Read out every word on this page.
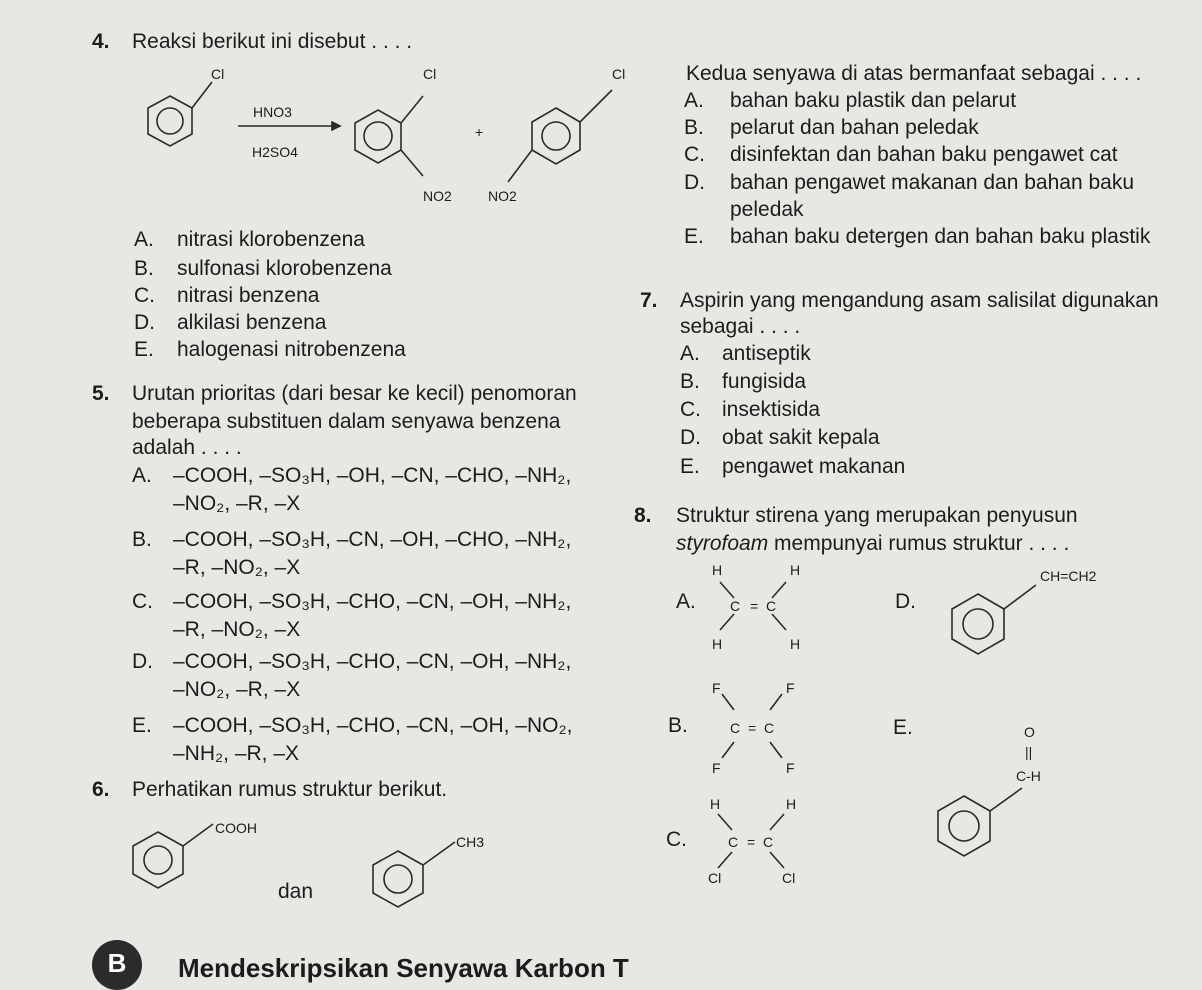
4. Reaksi berikut ini disebut . . . .
Cl
HNO3
H2SO4
Cl
NO2
+
Cl
NO2
A. nitrasi klorobenzena
B. sulfonasi klorobenzena
C. nitrasi benzena
D. alkilasi benzena
E. halogenasi nitrobenzena
5. Urutan prioritas (dari besar ke kecil) penomoran
beberapa substituen dalam senyawa benzena
adalah . . . .
A. –COOH, –SO₃H, –OH, –CN, –CHO, –NH₂,
–NO₂, –R, –X
B. –COOH, –SO₃H, –CN, –OH, –CHO, –NH₂,
–R, –NO₂, –X
C. –COOH, –SO₃H, –CHO, –CN, –OH, –NH₂,
–R, –NO₂, –X
D. –COOH, –SO₃H, –CHO, –CN, –OH, –NH₂,
–NO₂, –R, –X
E. –COOH, –SO₃H, –CHO, –CN, –OH, –NO₂,
–NH₂, –R, –X
6. Perhatikan rumus struktur berikut.
COOH
CH3
dan
Kedua senyawa di atas bermanfaat sebagai . . . .
A. bahan baku plastik dan pelarut
B. pelarut dan bahan peledak
C. disinfektan dan bahan baku pengawet cat
D. bahan pengawet makanan dan bahan baku
peledak
E. bahan baku detergen dan bahan baku plastik
7. Aspirin yang mengandung asam salisilat digunakan
sebagai . . . .
A. antiseptik
B. fungisida
C. insektisida
D. obat sakit kepala
E. pengawet makanan
8. Struktur stirena yang merupakan penyusun
styrofoam mempunyai rumus struktur . . . .
A.
H	H
H	H
C = C
B.
F	F
F	F
C = C
C.
H	H
Cl	Cl
C = C
D.
CH=CH2
E.	O
||
C-H
B	Mendeskripsikan Senyawa Karbon T
